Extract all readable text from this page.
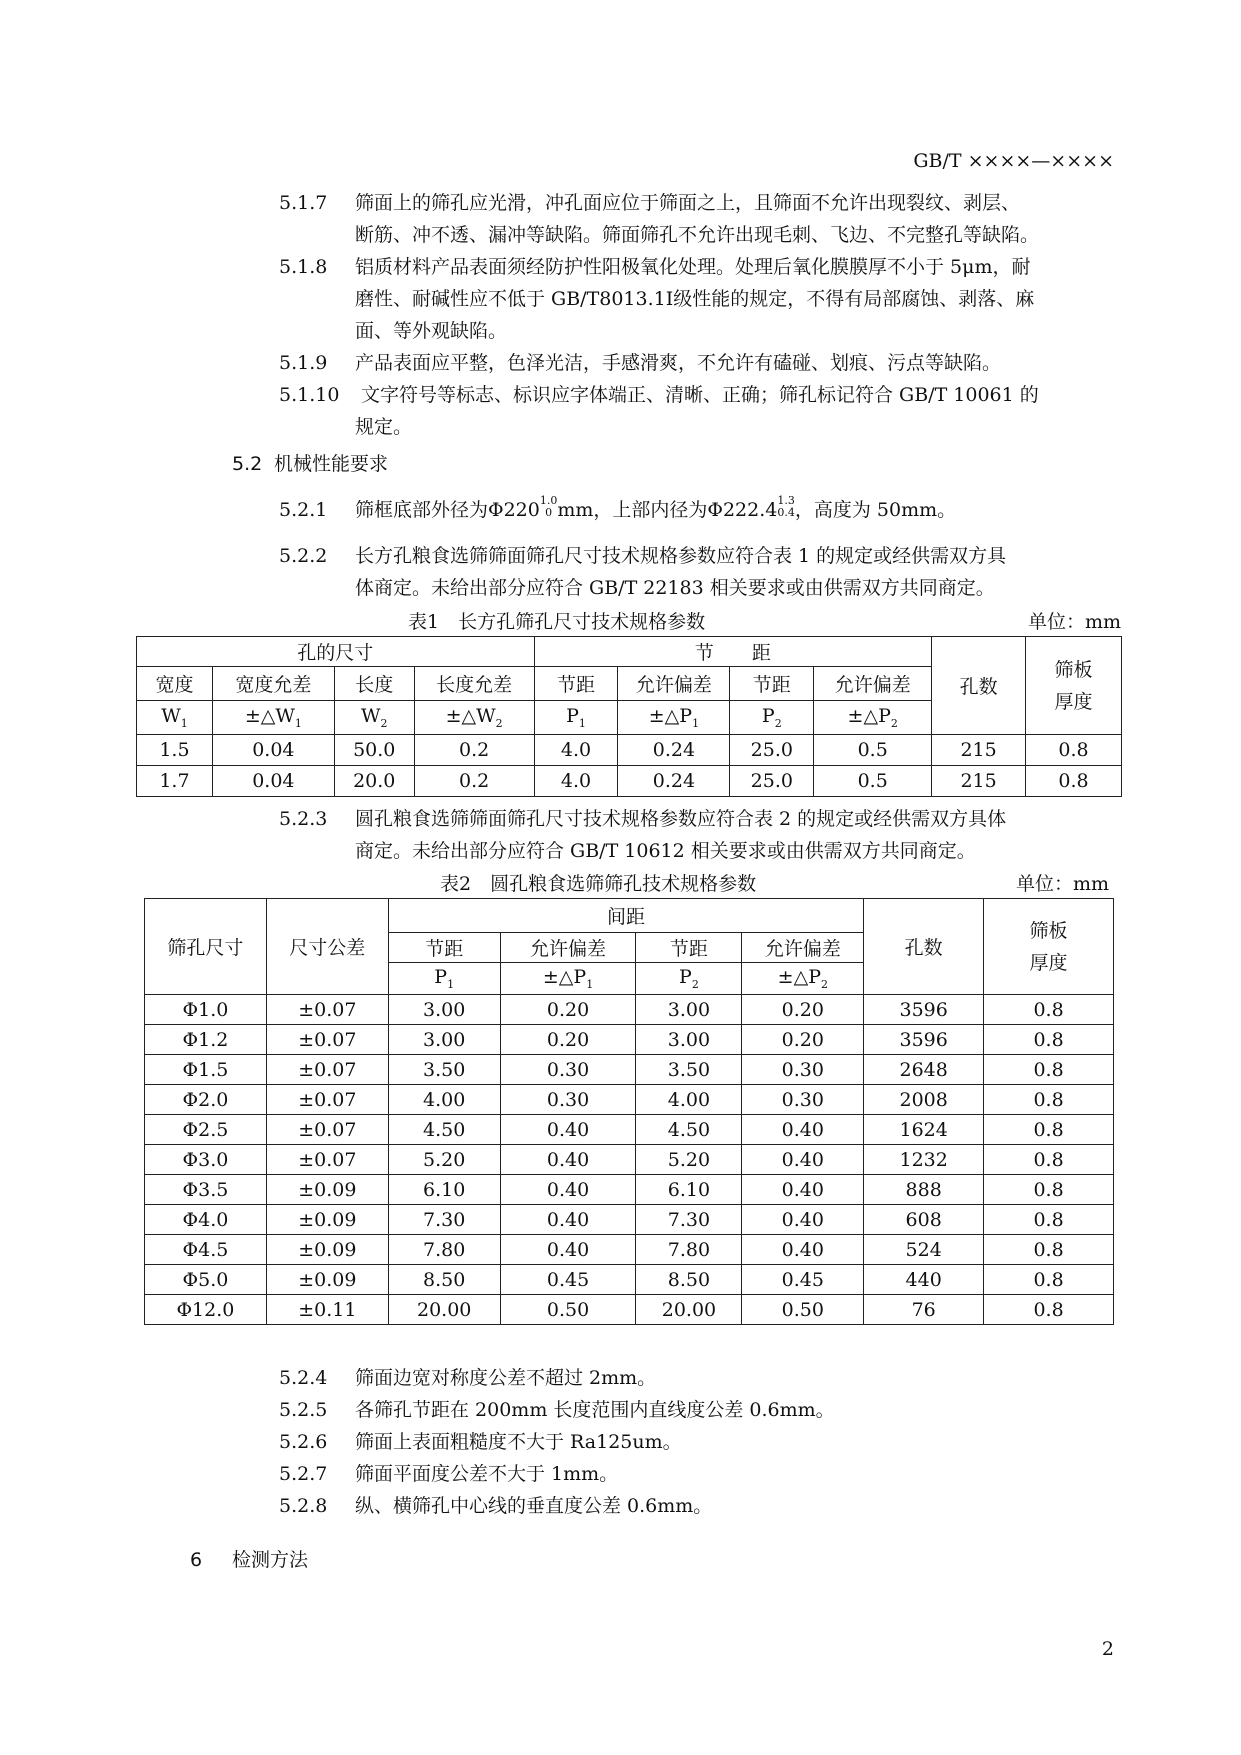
GB/T ××××—××××
5.1.7 筛面上的筛孔应光滑，冲孔面应位于筛面之上，且筛面不允许出现裂纹、剥层、
断筋、冲不透、漏冲等缺陷。筛面筛孔不允许出现毛刺、飞边、不完整孔等缺陷。
5.1.8 铝质材料产品表面须经防护性阳极氧化处理。处理后氧化膜膜厚不小于 5μm，耐
磨性、耐碱性应不低于 GB/T8013.1Ⅰ级性能的规定，不得有局部腐蚀、剥落、麻
面、等外观缺陷。
5.1.9 产品表面应平整，色泽光洁，手感滑爽，不允许有磕碰、划痕、污点等缺陷。
5.1.10 文字符号等标志、标识应字体端正、清晰、正确；筛孔标记符合 GB/T 10061 的
规定。
5.2 机械性能要求
5.2.1 筛框底部外径为Φ2201.0
0 mm，上部内径为Φ222.41.3
0.4，高度为 50mm。
5.2.2 长方孔粮食选筛筛面筛孔尺寸技术规格参数应符合表 1 的规定或经供需双方具
体商定。未给出部分应符合 GB/T 22183 相关要求或由供需双方共同商定。
表1　长方孔筛孔尺寸技术规格参数	单位：mm
孔的尺寸				节　　距				孔数	筛板厚度

宽度	宽度允差	长度	长度允差	节距	允许偏差	节距	允许偏差		
$W_1$	$\pm\triangle W_1$	$W_2$	$\pm\triangle W_2$	$P_1$	$\pm\triangle P_1$	$P_2$	$\pm\triangle P_2$
1.5	0.04	50.0	0.2	4.0	0.24	25.0	0.5	215	0.8
1.7	0.04	20.0	0.2	4.0	0.24	25.0	0.5	215	0.8
5.2.3 圆孔粮食选筛筛面筛孔尺寸技术规格参数应符合表 2 的规定或经供需双方具体
商定。未给出部分应符合 GB/T 10612 相关要求或由供需双方共同商定。
表2　圆孔粮食选筛筛孔技术规格参数	单位：mm
筛孔尺寸	尺寸公差	间距				孔数	筛板厚度

		节距	允许偏差	节距	允许偏差		
		$P_1$	$\pm\triangle P_1$	$P_2$	$\pm\triangle P_2$
Φ1.0	±0.07	3.00	0.20	3.00	0.20	3596	0.8
Φ1.2	±0.07	3.00	0.20	3.00	0.20	3596	0.8
Φ1.5	±0.07	3.50	0.30	3.50	0.30	2648	0.8
Φ2.0	±0.07	4.00	0.30	4.00	0.30	2008	0.8
Φ2.5	±0.07	4.50	0.40	4.50	0.40	1624	0.8
Φ3.0	±0.07	5.20	0.40	5.20	0.40	1232	0.8
Φ3.5	±0.09	6.10	0.40	6.10	0.40	888	0.8
Φ4.0	±0.09	7.30	0.40	7.30	0.40	608	0.8
Φ4.5	±0.09	7.80	0.40	7.80	0.40	524	0.8
Φ5.0	±0.09	8.50	0.45	8.50	0.45	440	0.8
Φ12.0	±0.11	20.00	0.50	20.00	0.50	76	0.8
5.2.4 筛面边宽对称度公差不超过 2mm。
5.2.5 各筛孔节距在 200mm 长度范围内直线度公差 0.6mm。
5.2.6 筛面上表面粗糙度不大于 Ra125um。
5.2.7 筛面平面度公差不大于 1mm。
5.2.8 纵、横筛孔中心线的垂直度公差 0.6mm。
6 检测方法
2
